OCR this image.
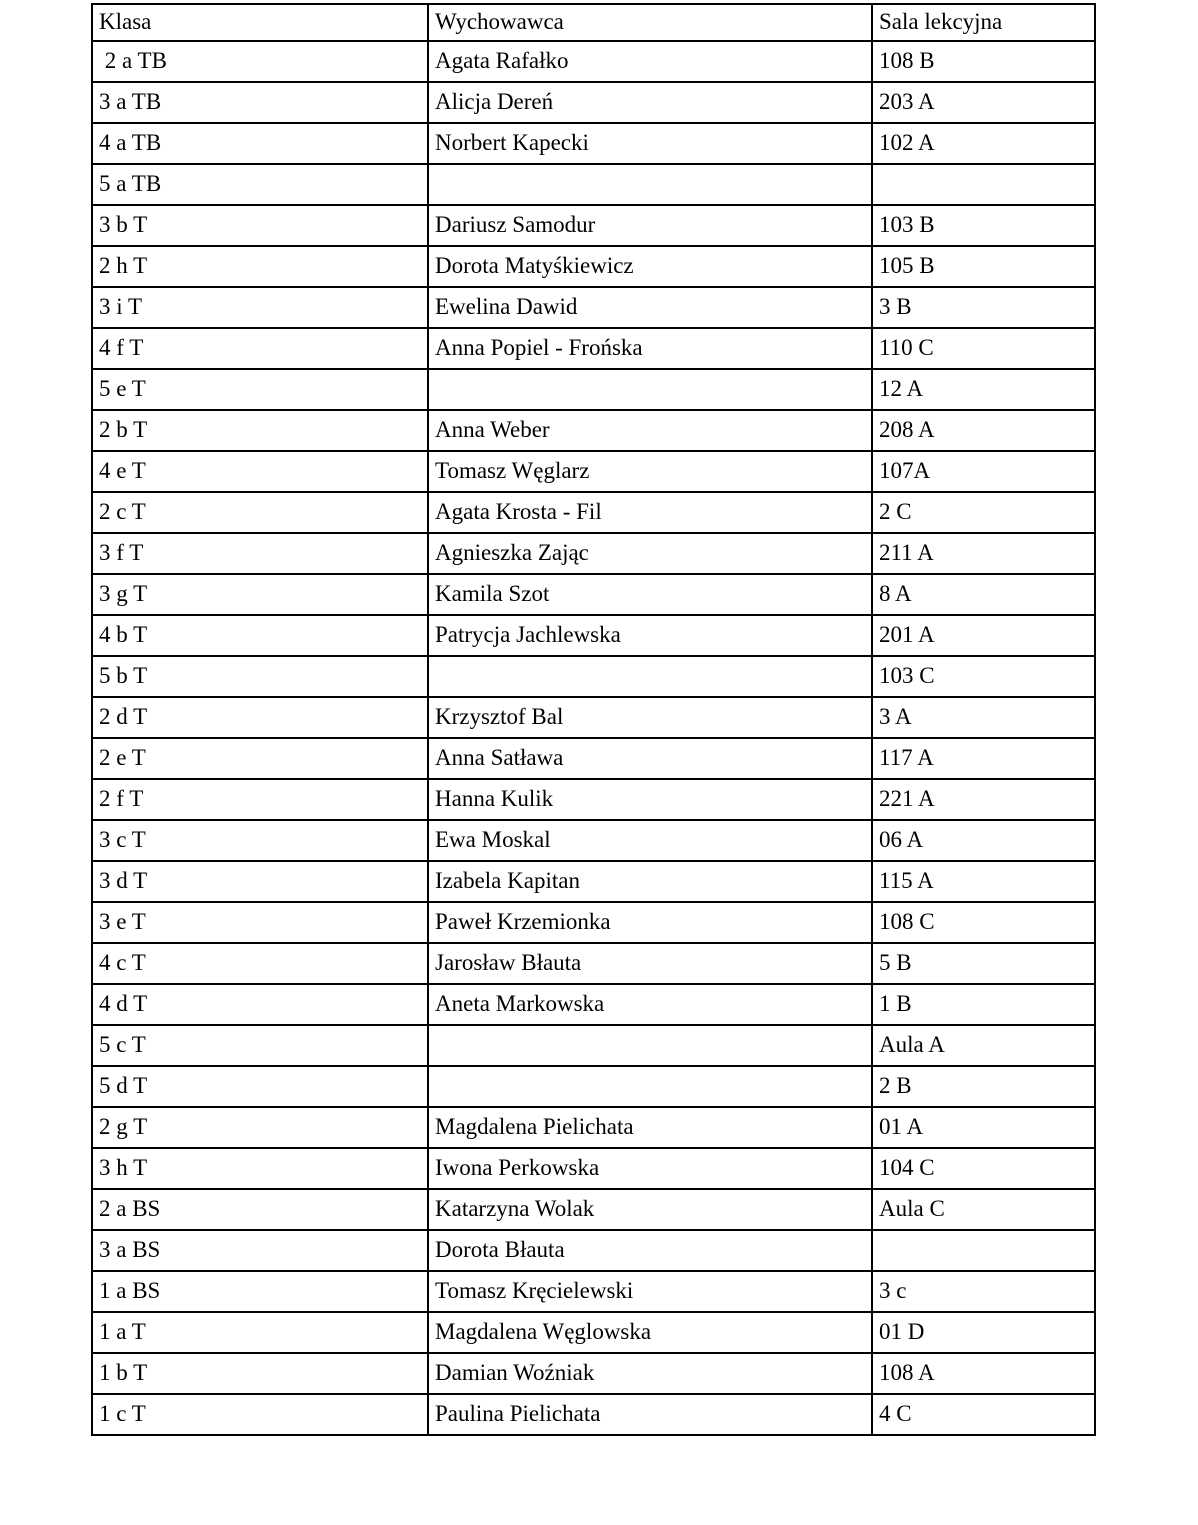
Klasa	Wychowawca	Sala lekcyjna
2 a TB	Agata Rafałko	108 B
3 a TB	Alicja Dereń	203 A
4 a TB	Norbert Kapecki	102 A
5 a TB		
3 b T	Dariusz Samodur	103 B
2 h T	Dorota Matyśkiewicz	105 B
3 i T	Ewelina Dawid	3 B
4 f T	Anna Popiel - Frońska	110 C
5 e T		12 A
2 b T	Anna Weber	208 A
4 e T	Tomasz Węglarz	107A
2 c T	Agata Krosta - Fil	2 C
3 f T	Agnieszka Zając	211 A
3 g T	Kamila Szot	8 A
4 b T	Patrycja Jachlewska	201 A
5 b T		103 C
2 d T	Krzysztof Bal	3 A
2 e T	Anna Satława	117 A
2 f T	Hanna Kulik	221 A
3 c T	Ewa Moskal	06 A
3 d T	Izabela Kapitan	115 A
3 e T	Paweł Krzemionka	108 C
4 c T	Jarosław Błauta	5 B
4 d T	Aneta Markowska	1 B
5 c T		Aula A
5 d T		2 B
2 g T	Magdalena Pielichata	01 A
3 h T	Iwona Perkowska	104 C
2 a BS	Katarzyna Wolak	Aula C
3 a BS	Dorota Błauta	
1 a BS	Tomasz Kręcielewski	3 c
1 a T	Magdalena Węglowska	01 D
1 b T	Damian Woźniak	108 A
1 c T	Paulina Pielichata	4 C
